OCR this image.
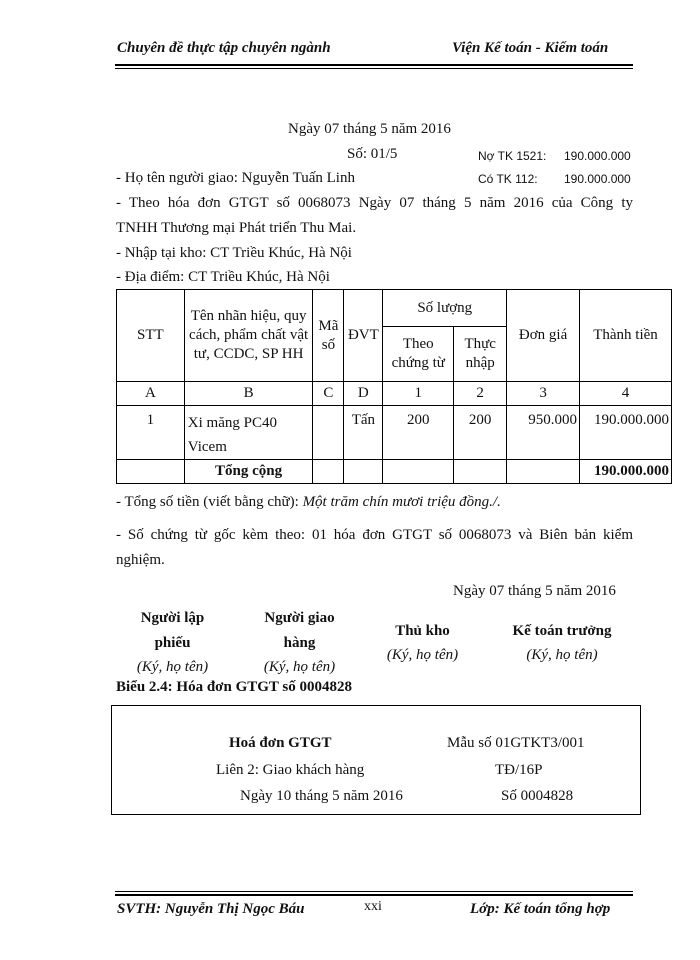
Chuyên đề thực tập chuyên ngành	Viện Kế toán - Kiểm toán
Ngày 07 tháng 5 năm 2016
Số: 01/5	Nợ TK 1521: 190.000.000
Có TK 112: 190.000.000
- Họ tên người giao: Nguyễn Tuấn Linh
- Theo hóa đơn GTGT số 0068073 Ngày 07 tháng 5 năm 2016 của Công ty
TNHH Thương mại Phát triển Thu Mai.
- Nhập tại kho: CT Triều Khúc, Hà Nội
- Địa điểm: CT Triều Khúc, Hà Nội
STT	Tên nhãn hiệu, quy cách, phẩm chất vật tư, CCDC, SP HH	Mã số	ĐVT	Số lượng		Đơn giá	Thành tiền
				Theo chứng từ	Thực nhập		
A	B	C	D	1	2	3	4
1	Xi măng PC40 Vicem		Tấn	200	200	950.000	190.000.000
	Tổng cộng						190.000.000
- Tổng số tiền (viết bằng chữ): Một trăm chín mươi triệu đồng./.
- Số chứng từ gốc kèm theo: 01 hóa đơn GTGT số 0068073 và Biên bản kiểm
nghiệm.
Ngày 07 tháng 5 năm 2016
Người lập phiếu
(Ký, họ tên)
Người giao hàng
(Ký, họ tên)
Thủ kho
(Ký, họ tên)
Kế toán trưởng
(Ký, họ tên)
Biểu 2.4: Hóa đơn GTGT số 0004828
Hoá đơn GTGT	Mẫu số 01GTKT3/001
Liên 2: Giao khách hàng	TĐ/16P
Ngày 10 tháng 5 năm 2016	Số 0004828
SVTH: Nguyễn Thị Ngọc Báu	xxi	Lớp: Kế toán tổng hợp
